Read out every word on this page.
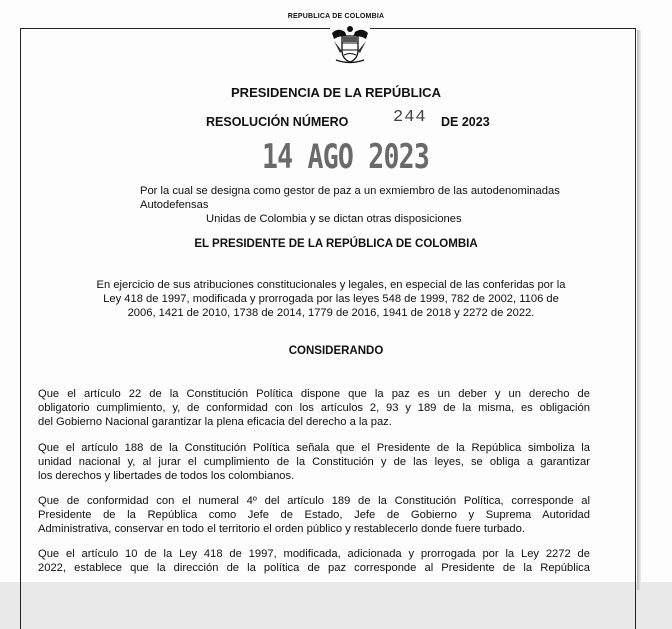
REPUBLICA DE COLOMBIA
PRESIDENCIA DE LA REPÚBLICA
RESOLUCIÓN NÚMERO	244 DE 2023
14 AGO 2023
Por la cual se designa como gestor de paz a un exmiembro de las autodenominadas Autodefensas
Unidas de Colombia y se dictan otras disposiciones
EL PRESIDENTE DE LA REPÚBLICA DE COLOMBIA
En ejercicio de sus atribuciones constitucionales y legales, en especial de las conferidas por la
Ley 418 de 1997, modificada y prorrogada por las leyes 548 de 1999, 782 de 2002, 1106 de
2006, 1421 de 2010, 1738 de 2014, 1779 de 2016, 1941 de 2018 y 2272 de 2022.
CONSIDERANDO
Que el artículo 22 de la Constitución Política dispone que la paz es un deber y un derecho de
obligatorio cumplimiento, y, de conformidad con los artículos 2, 93 y 189 de la misma, es obligación
del Gobierno Nacional garantizar la plena eficacia del derecho a la paz.
Que el artículo 188 de la Constitución Política señala que el Presidente de la República simboliza la
unidad nacional y, al jurar el cumplimiento de la Constitución y de las leyes, se obliga a garantizar
los derechos y libertades de todos los colombianos.
Que de conformidad con el numeral 4º del artículo 189 de la Constitución Política, corresponde al
Presidente de la República como Jefe de Estado, Jefe de Gobierno y Suprema Autoridad
Administrativa, conservar en todo el territorio el orden público y restablecerlo donde fuere turbado.
Que el artículo 10 de la Ley 418 de 1997, modificada, adicionada y prorrogada por la Ley 2272 de
2022, establece que la dirección de la política de paz corresponde al Presidente de la República
